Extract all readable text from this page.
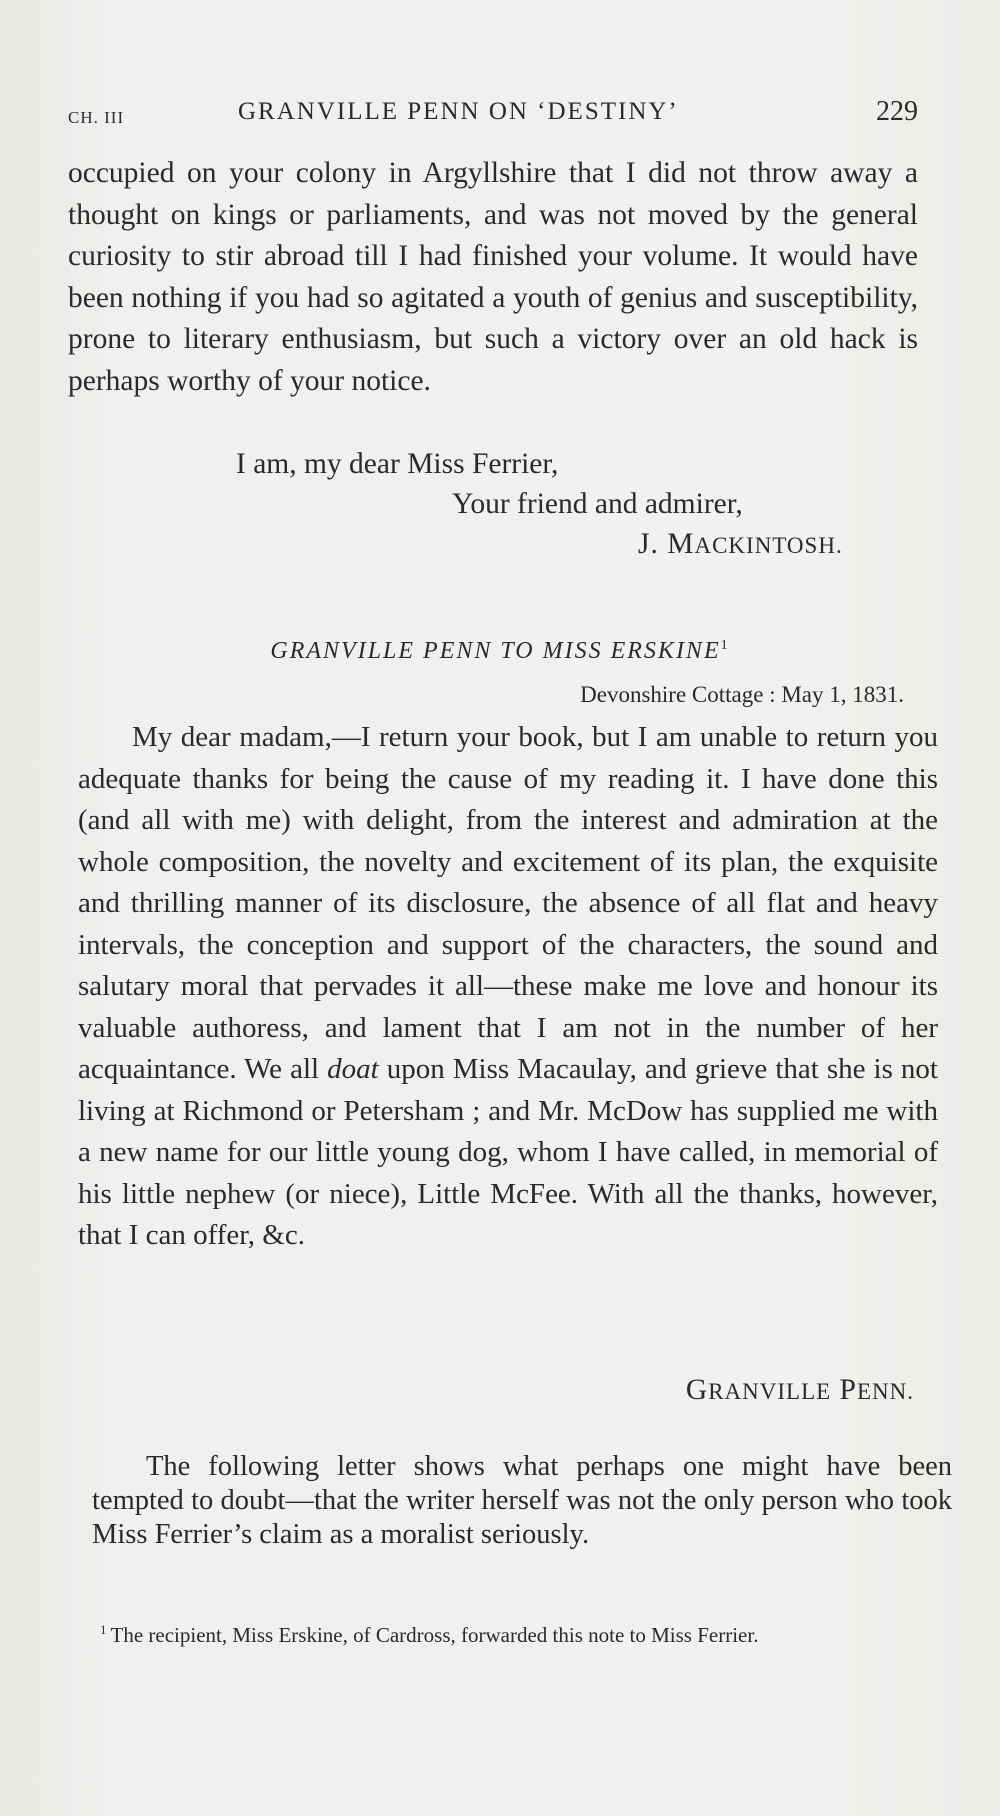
CH. III	GRANVILLE PENN ON ‘DESTINY’	229

occupied on your colony in Argyllshire that I did not throw away a thought on kings or parliaments, and was not moved by the general curiosity to stir abroad till I had finished your volume. It would have been nothing if you had so agitated a youth of genius and susceptibility, prone to literary enthusiasm, but such a victory over an old hack is perhaps worthy of your notice.

I am, my dear Miss Ferrier,
Your friend and admirer,
J. MACKINTOSH.
GRANVILLE PENN TO MISS ERSKINE$^1$
Devonshire Cottage : May 1, 1831.

My dear madam,—I return your book, but I am unable to return you adequate thanks for being the cause of my reading it. I have done this (and all with me) with delight, from the interest and admiration at the whole composition, the novelty and excitement of its plan, the exquisite and thrilling manner of its disclosure, the absence of all flat and heavy intervals, the conception and support of the characters, the sound and salutary moral that pervades it all—these make me love and honour its valuable authoress, and lament that I am not in the number of her acquaintance. We all doat upon Miss Macaulay, and grieve that she is not living at Richmond or Petersham ; and Mr. McDow has supplied me with a new name for our little young dog, whom I have called, in memorial of his little nephew (or niece), Little McFee. With all the thanks, however, that I can offer, &c.

GRANVILLE PENN.

The following letter shows what perhaps one might have been tempted to doubt—that the writer herself was not the only person who took Miss Ferrier’s claim as a moralist seriously.

$^1$ The recipient, Miss Erskine, of Cardross, forwarded this note to Miss Ferrier.
